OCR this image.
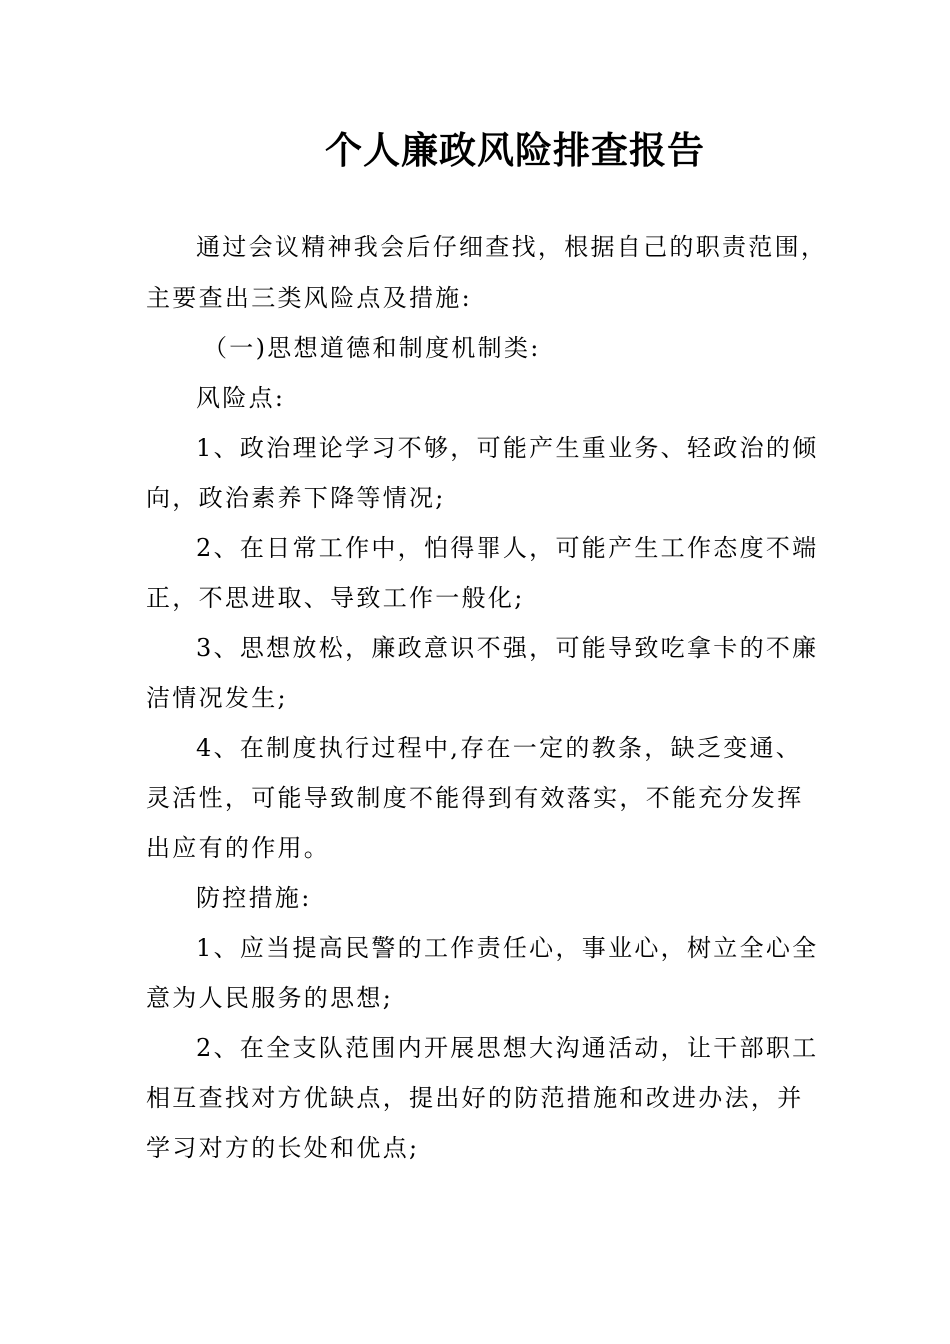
个人廉政风险排查报告
通过会议精神我会后仔细查找，根据自己的职责范围，
主要查出三类风险点及措施:
（一)思想道德和制度机制类:
风险点:
1、政治理论学习不够，可能产生重业务、轻政治的倾
向，政治素养下降等情况;
2、在日常工作中，怕得罪人，可能产生工作态度不端
正，不思进取、导致工作一般化;
3、思想放松，廉政意识不强，可能导致吃拿卡的不廉
洁情况发生;
4、在制度执行过程中,存在一定的教条，缺乏变通、
灵活性，可能导致制度不能得到有效落实，不能充分发挥
出应有的作用。
防控措施:
1、应当提高民警的工作责任心，事业心，树立全心全
意为人民服务的思想;
2、在全支队范围内开展思想大沟通活动，让干部职工
相互查找对方优缺点，提出好的防范措施和改进办法，并
学习对方的长处和优点;
